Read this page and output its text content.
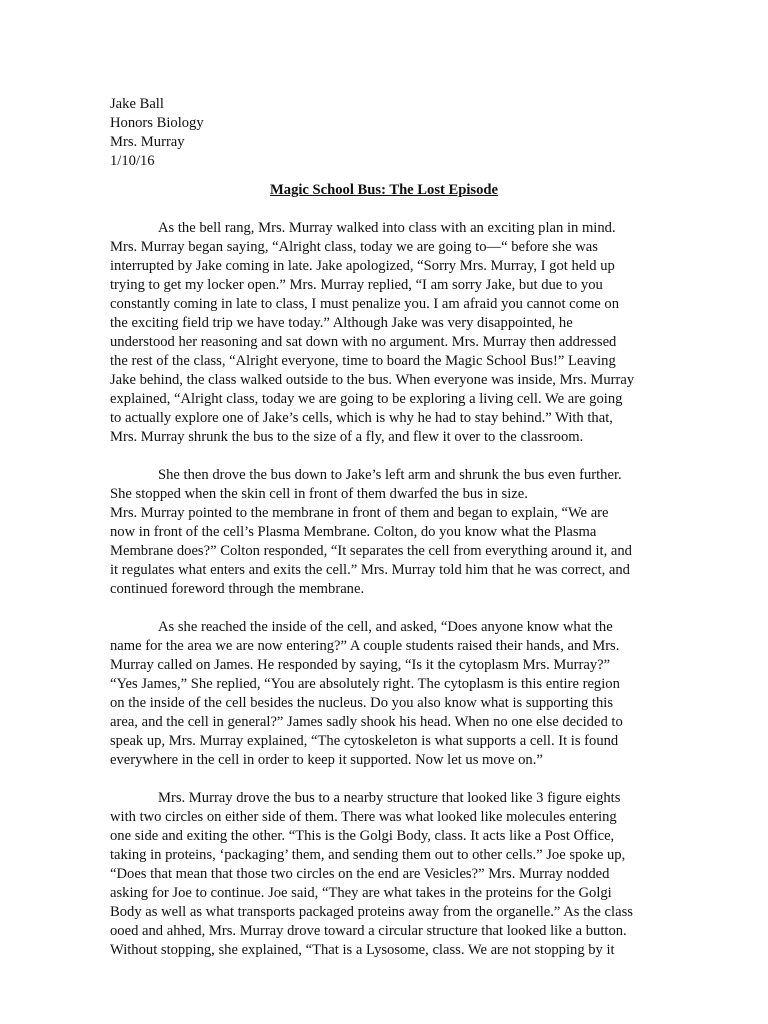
Jake Ball
Honors Biology
Mrs. Murray
1/10/16
Magic School Bus: The Lost Episode
As the bell rang, Mrs. Murray walked into class with an exciting plan in mind.
Mrs. Murray began saying, “Alright class, today we are going to—“ before she was
interrupted by Jake coming in late. Jake apologized, “Sorry Mrs. Murray, I got held up
trying to get my locker open.” Mrs. Murray replied, “I am sorry Jake, but due to you
constantly coming in late to class, I must penalize you. I am afraid you cannot come on
the exciting field trip we have today.” Although Jake was very disappointed, he
understood her reasoning and sat down with no argument. Mrs. Murray then addressed
the rest of the class, “Alright everyone, time to board the Magic School Bus!” Leaving
Jake behind, the class walked outside to the bus. When everyone was inside, Mrs. Murray
explained, “Alright class, today we are going to be exploring a living cell. We are going
to actually explore one of Jake’s cells, which is why he had to stay behind.” With that,
Mrs. Murray shrunk the bus to the size of a fly, and flew it over to the classroom.
She then drove the bus down to Jake’s left arm and shrunk the bus even further.
She stopped when the skin cell in front of them dwarfed the bus in size.
Mrs. Murray pointed to the membrane in front of them and began to explain, “We are
now in front of the cell’s Plasma Membrane. Colton, do you know what the Plasma
Membrane does?” Colton responded, “It separates the cell from everything around it, and
it regulates what enters and exits the cell.” Mrs. Murray told him that he was correct, and
continued foreword through the membrane.
As she reached the inside of the cell, and asked, “Does anyone know what the
name for the area we are now entering?” A couple students raised their hands, and Mrs.
Murray called on James. He responded by saying, “Is it the cytoplasm Mrs. Murray?”
“Yes James,” She replied, “You are absolutely right. The cytoplasm is this entire region
on the inside of the cell besides the nucleus. Do you also know what is supporting this
area, and the cell in general?” James sadly shook his head. When no one else decided to
speak up, Mrs. Murray explained, “The cytoskeleton is what supports a cell. It is found
everywhere in the cell in order to keep it supported. Now let us move on.”
Mrs. Murray drove the bus to a nearby structure that looked like 3 figure eights
with two circles on either side of them. There was what looked like molecules entering
one side and exiting the other. “This is the Golgi Body, class. It acts like a Post Office,
taking in proteins, ‘packaging’ them, and sending them out to other cells.” Joe spoke up,
“Does that mean that those two circles on the end are Vesicles?” Mrs. Murray nodded
asking for Joe to continue. Joe said, “They are what takes in the proteins for the Golgi
Body as well as what transports packaged proteins away from the organelle.” As the class
ooed and ahhed, Mrs. Murray drove toward a circular structure that looked like a button.
Without stopping, she explained, “That is a Lysosome, class. We are not stopping by it
